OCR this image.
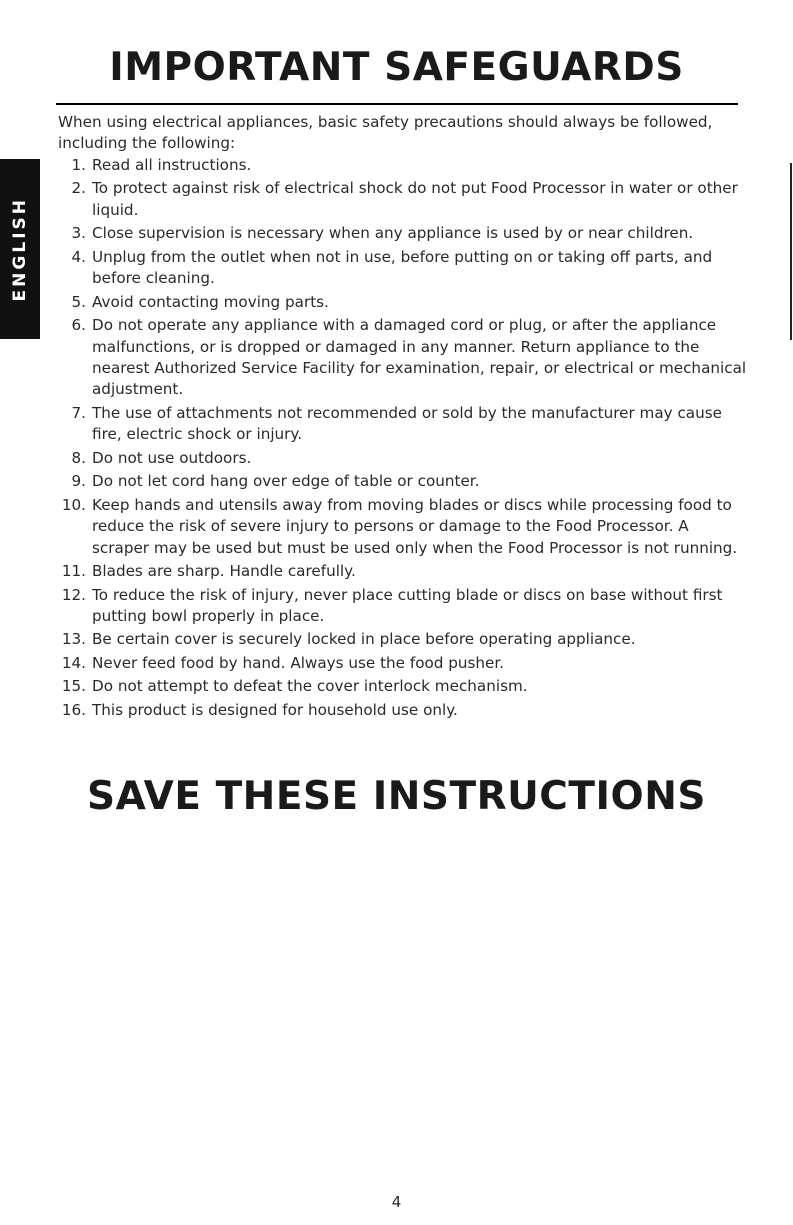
IMPORTANT SAFEGUARDS
ENGLISH

When using electrical appliances, basic safety precautions should always be followed, including the following:

1. Read all instructions.
2. To protect against risk of electrical shock do not put Food Processor in water or other liquid.
3. Close supervision is necessary when any appliance is used by or near children.
4. Unplug from the outlet when not in use, before putting on or taking off parts, and before cleaning.
5. Avoid contacting moving parts.
6. Do not operate any appliance with a damaged cord or plug, or after the appliance malfunctions, or is dropped or damaged in any manner. Return appliance to the nearest Authorized Service Facility for examination, repair, or electrical or mechanical adjustment.
7. The use of attachments not recommended or sold by the manufacturer may cause fire, electric shock or injury.
8. Do not use outdoors.
9. Do not let cord hang over edge of table or counter.
10. Keep hands and utensils away from moving blades or discs while processing food to reduce the risk of severe injury to persons or damage to the Food Processor. A scraper may be used but must be used only when the Food Processor is not running.
11. Blades are sharp. Handle carefully.
12. To reduce the risk of injury, never place cutting blade or discs on base without first putting bowl properly in place.
13. Be certain cover is securely locked in place before operating appliance.
14. Never feed food by hand. Always use the food pusher.
15. Do not attempt to defeat the cover interlock mechanism.
16. This product is designed for household use only.
SAVE THESE INSTRUCTIONS
4
